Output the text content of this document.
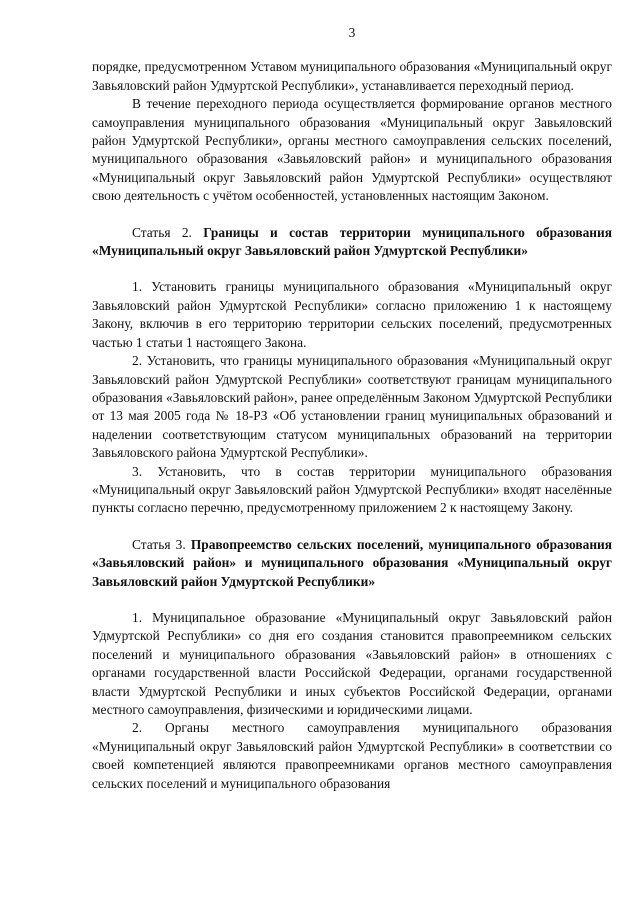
3

порядке, предусмотренном Уставом муниципального образования «Муниципальный округ Завьяловский район Удмуртской Республики», устанавливается переходный период.

В течение переходного периода осуществляется формирование органов местного самоуправления муниципального образования «Муниципальный округ Завьяловский район Удмуртской Республики», органы местного самоуправления сельских поселений, муниципального образования «Завьяловский район» и муниципального образования «Муниципальный округ Завьяловский район Удмуртской Республики» осуществляют свою деятельность с учётом особенностей, установленных настоящим Законом.

Статья 2. Границы и состав территории муниципального образования «Муниципальный округ Завьяловский район Удмуртской Республики»

1. Установить границы муниципального образования «Муниципальный округ Завьяловский район Удмуртской Республики» согласно приложению 1 к настоящему Закону, включив в его территорию территории сельских поселений, предусмотренных частью 1 статьи 1 настоящего Закона.

2. Установить, что границы муниципального образования «Муниципальный округ Завьяловский район Удмуртской Республики» соответствуют границам муниципального образования «Завьяловский район», ранее определённым Законом Удмуртской Республики от 13 мая 2005 года № 18-РЗ «Об установлении границ муниципальных образований и наделении соответствующим статусом муниципальных образований на территории Завьяловского района Удмуртской Республики».

3. Установить, что в состав территории муниципального образования «Муниципальный округ Завьяловский район Удмуртской Республики» входят населённые пункты согласно перечню, предусмотренному приложением 2 к настоящему Закону.

Статья 3. Правопреемство сельских поселений, муниципального образования «Завьяловский район» и муниципального образования «Муниципальный округ Завьяловский район Удмуртской Республики»

1. Муниципальное образование «Муниципальный округ Завьяловский район Удмуртской Республики» со дня его создания становится правопреемником сельских поселений и муниципального образования «Завьяловский район» в отношениях с органами государственной власти Российской Федерации, органами государственной власти Удмуртской Республики и иных субъектов Российской Федерации, органами местного самоуправления, физическими и юридическими лицами.

2. Органы местного самоуправления муниципального образования «Муниципальный округ Завьяловский район Удмуртской Республики» в соответствии со своей компетенцией являются правопреемниками органов местного самоуправления сельских поселений и муниципального образования
